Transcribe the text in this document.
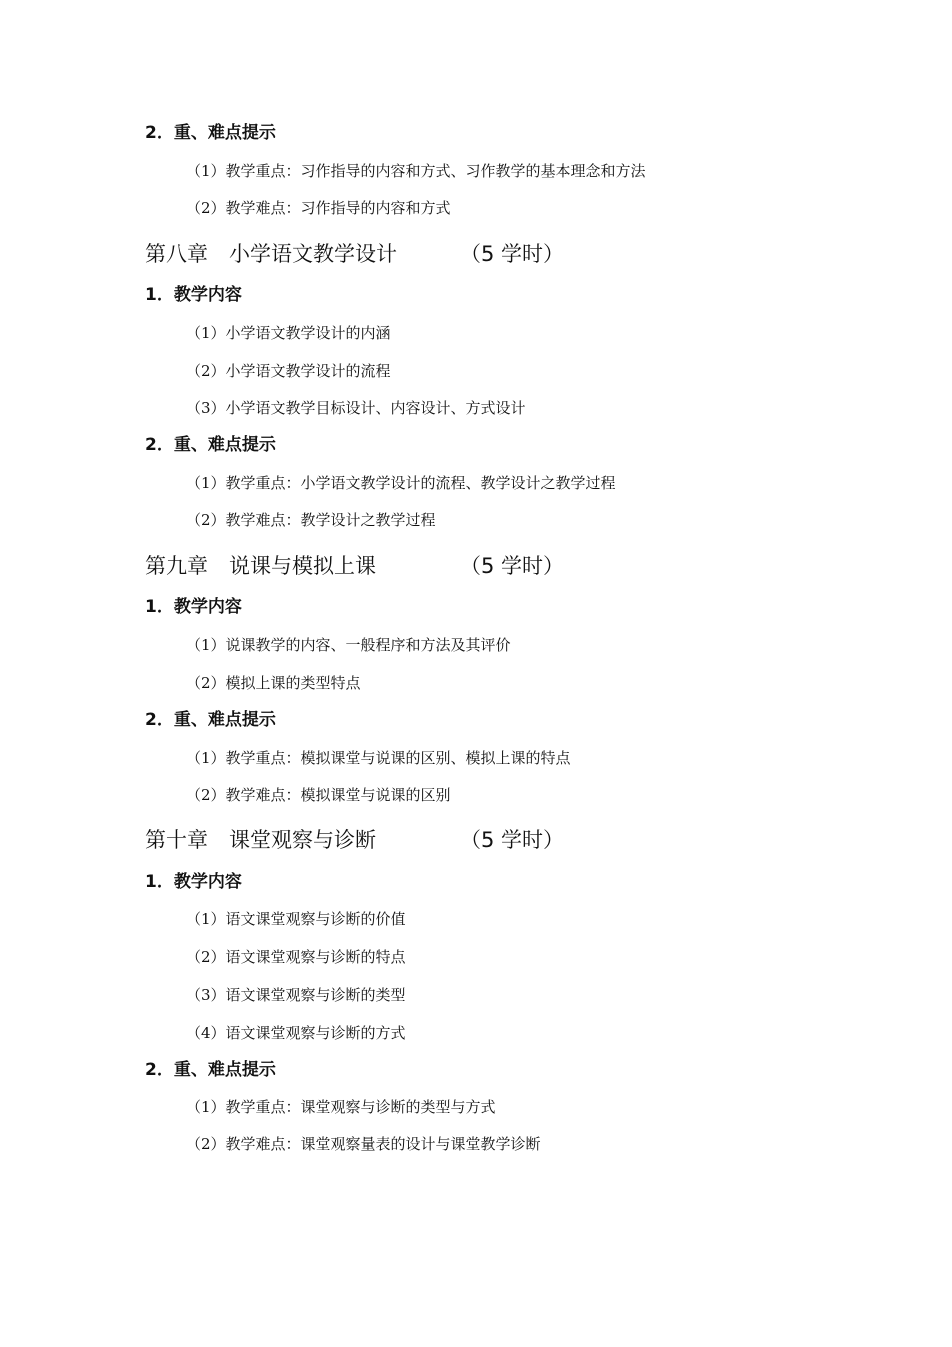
2．重、难点提示
（1）教学重点：习作指导的内容和方式、习作教学的基本理念和方法
（2）教学难点：习作指导的内容和方式
第八章　小学语文教学设计	（5 学时）
1．教学内容
（1）小学语文教学设计的内涵
（2）小学语文教学设计的流程
（3）小学语文教学目标设计、内容设计、方式设计
2．重、难点提示
（1）教学重点：小学语文教学设计的流程、教学设计之教学过程
（2）教学难点：教学设计之教学过程
第九章　说课与模拟上课	（5 学时）
1．教学内容
（1）说课教学的内容、一般程序和方法及其评价
（2）模拟上课的类型特点
2．重、难点提示
（1）教学重点：模拟课堂与说课的区别、模拟上课的特点
（2）教学难点：模拟课堂与说课的区别
第十章　课堂观察与诊断	（5 学时）
1．教学内容
（1）语文课堂观察与诊断的价值
（2）语文课堂观察与诊断的特点
（3）语文课堂观察与诊断的类型
（4）语文课堂观察与诊断的方式
2．重、难点提示
（1）教学重点：课堂观察与诊断的类型与方式
（2）教学难点：课堂观察量表的设计与课堂教学诊断
